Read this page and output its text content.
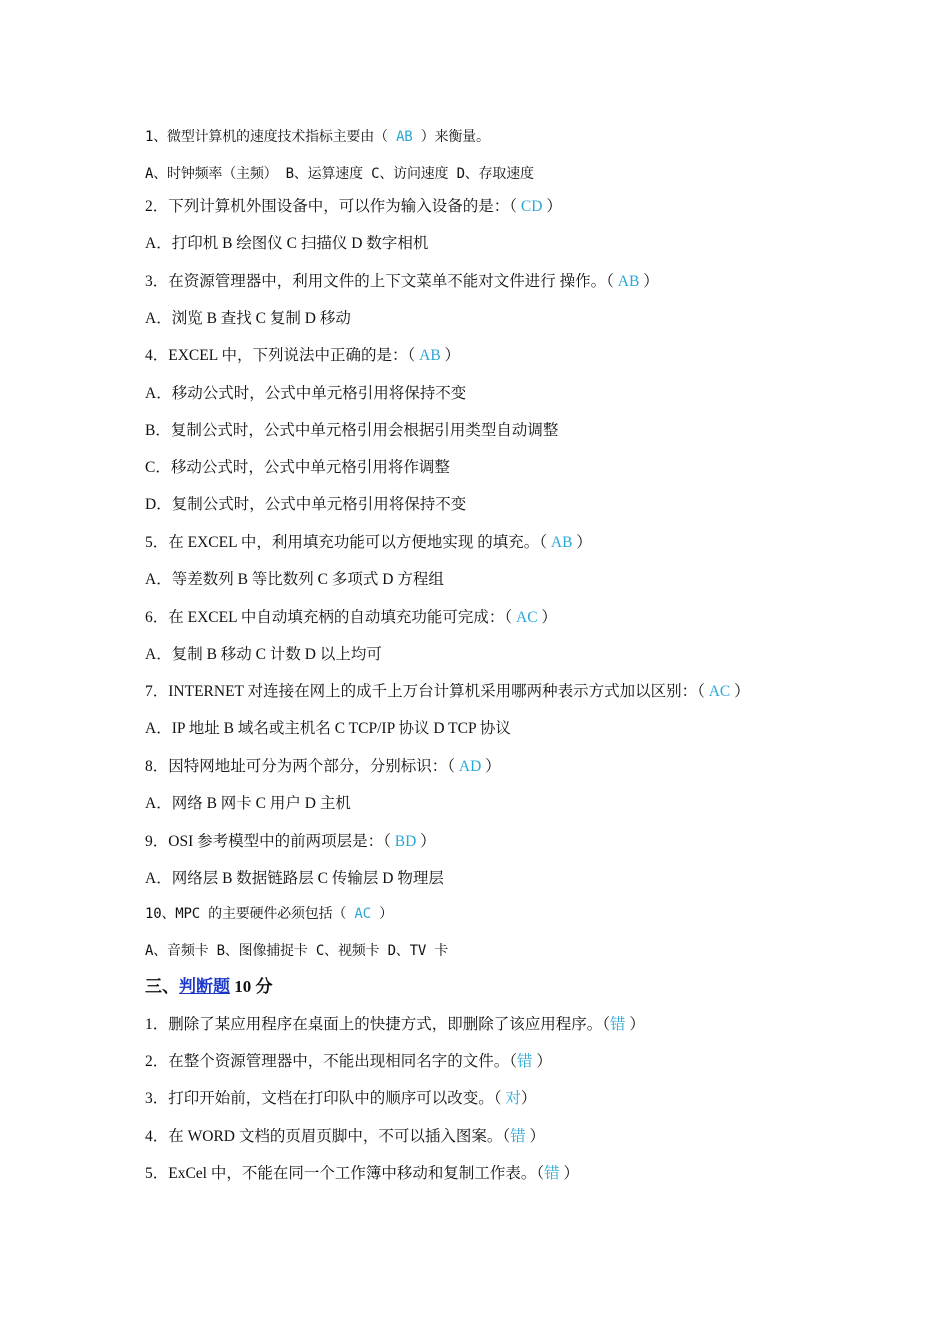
1、微型计算机的速度技术指标主要由（ AB ）来衡量。
A、时钟频率（主频） B、运算速度 C、访问速度 D、存取速度
2．下列计算机外围设备中，可以作为输入设备的是：（ CD ）
A．打印机 B 绘图仪 C 扫描仪 D 数字相机
3．在资源管理器中，利用文件的上下文菜单不能对文件进行 操作。（ AB ）
A．浏览 B 查找 C 复制 D 移动
4．EXCEL 中，下列说法中正确的是：（ AB ）
A．移动公式时，公式中单元格引用将保持不变
B．复制公式时，公式中单元格引用会根据引用类型自动调整
C．移动公式时，公式中单元格引用将作调整
D．复制公式时，公式中单元格引用将保持不变
5．在 EXCEL 中，利用填充功能可以方便地实现 的填充。（ AB ）
A．等差数列 B 等比数列 C 多项式 D 方程组
6．在 EXCEL 中自动填充柄的自动填充功能可完成：（ AC ）
A．复制 B 移动 C 计数 D 以上均可
7．INTERNET 对连接在网上的成千上万台计算机采用哪两种表示方式加以区别：（ AC ）
A．IP 地址 B 域名或主机名 C TCP/IP 协议 D TCP 协议
8．因特网地址可分为两个部分，分别标识：（ AD ）
A．网络 B 网卡 C 用户 D 主机
9．OSI 参考模型中的前两项层是：（ BD ）
A．网络层 B 数据链路层 C 传输层 D 物理层
10、MPC 的主要硬件必须包括（ AC ）
A、音频卡 B、图像捕捉卡 C、视频卡 D、TV 卡
三、判断题 10 分
1．删除了某应用程序在桌面上的快捷方式，即删除了该应用程序。（错 ）
2．在整个资源管理器中，不能出现相同名字的文件。（错 ）
3．打印开始前，文档在打印队中的顺序可以改变。（ 对）
4．在 WORD 文档的页眉页脚中，不可以插入图案。（错 ）
5．ExCel 中，不能在同一个工作簿中移动和复制工作表。（错 ）
